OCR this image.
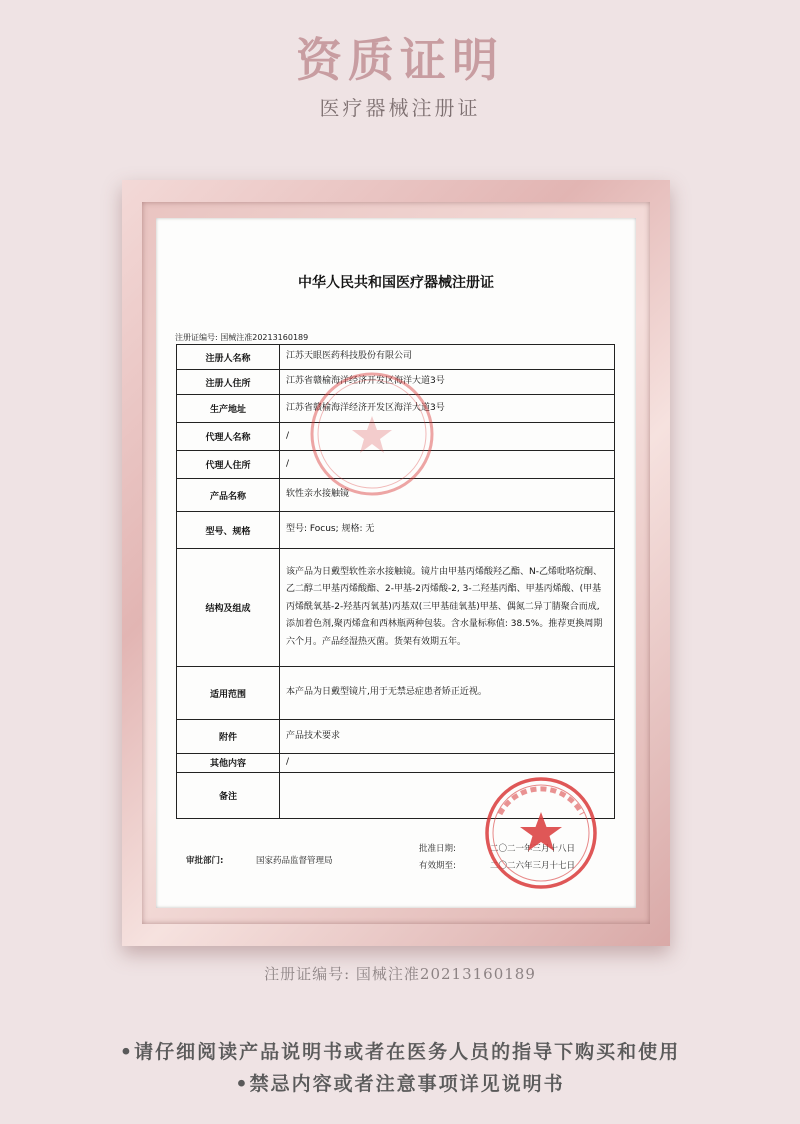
资质证明
医疗器械注册证
中华人民共和国医疗器械注册证
注册证编号: 国械注准20213160189
注册人名称	江苏天眼医药科技股份有限公司
注册人住所	江苏省赣榆海洋经济开发区海洋大道3号
生产地址	江苏省赣榆海洋经济开发区海洋大道3号
代理人名称	/
代理人住所	/
产品名称	软性亲水接触镜
型号、规格	型号: Focus; 规格: 无
结构及组成	该产品为日戴型软性亲水接触镜。镜片由甲基丙烯酸羟乙酯、N-乙烯吡咯烷酮、乙二醇二甲基丙烯酸酯、2-甲基-2丙烯酸-2, 3-二羟基丙酯、甲基丙烯酸、(甲基丙烯酰氧基-2-羟基丙氧基)丙基双(三甲基硅氧基)甲基、偶氮二异丁腈聚合而成,添加着色剂,聚丙烯盒和西林瓶两种包装。含水量标称值: 38.5%。推荐更换周期六个月。产品经湿热灭菌。货架有效期五年。
适用范围	本产品为日戴型镜片,用于无禁忌症患者矫正近视。
附件	产品技术要求
其他内容	/
备注	
审批部门:	国家药品监督管理局
批准日期:	二〇二一年三月十八日
有效期至:	二〇二六年三月十七日
注册证编号: 国械注准20213160189
•请仔细阅读产品说明书或者在医务人员的指导下购买和使用
•禁忌内容或者注意事项详见说明书
